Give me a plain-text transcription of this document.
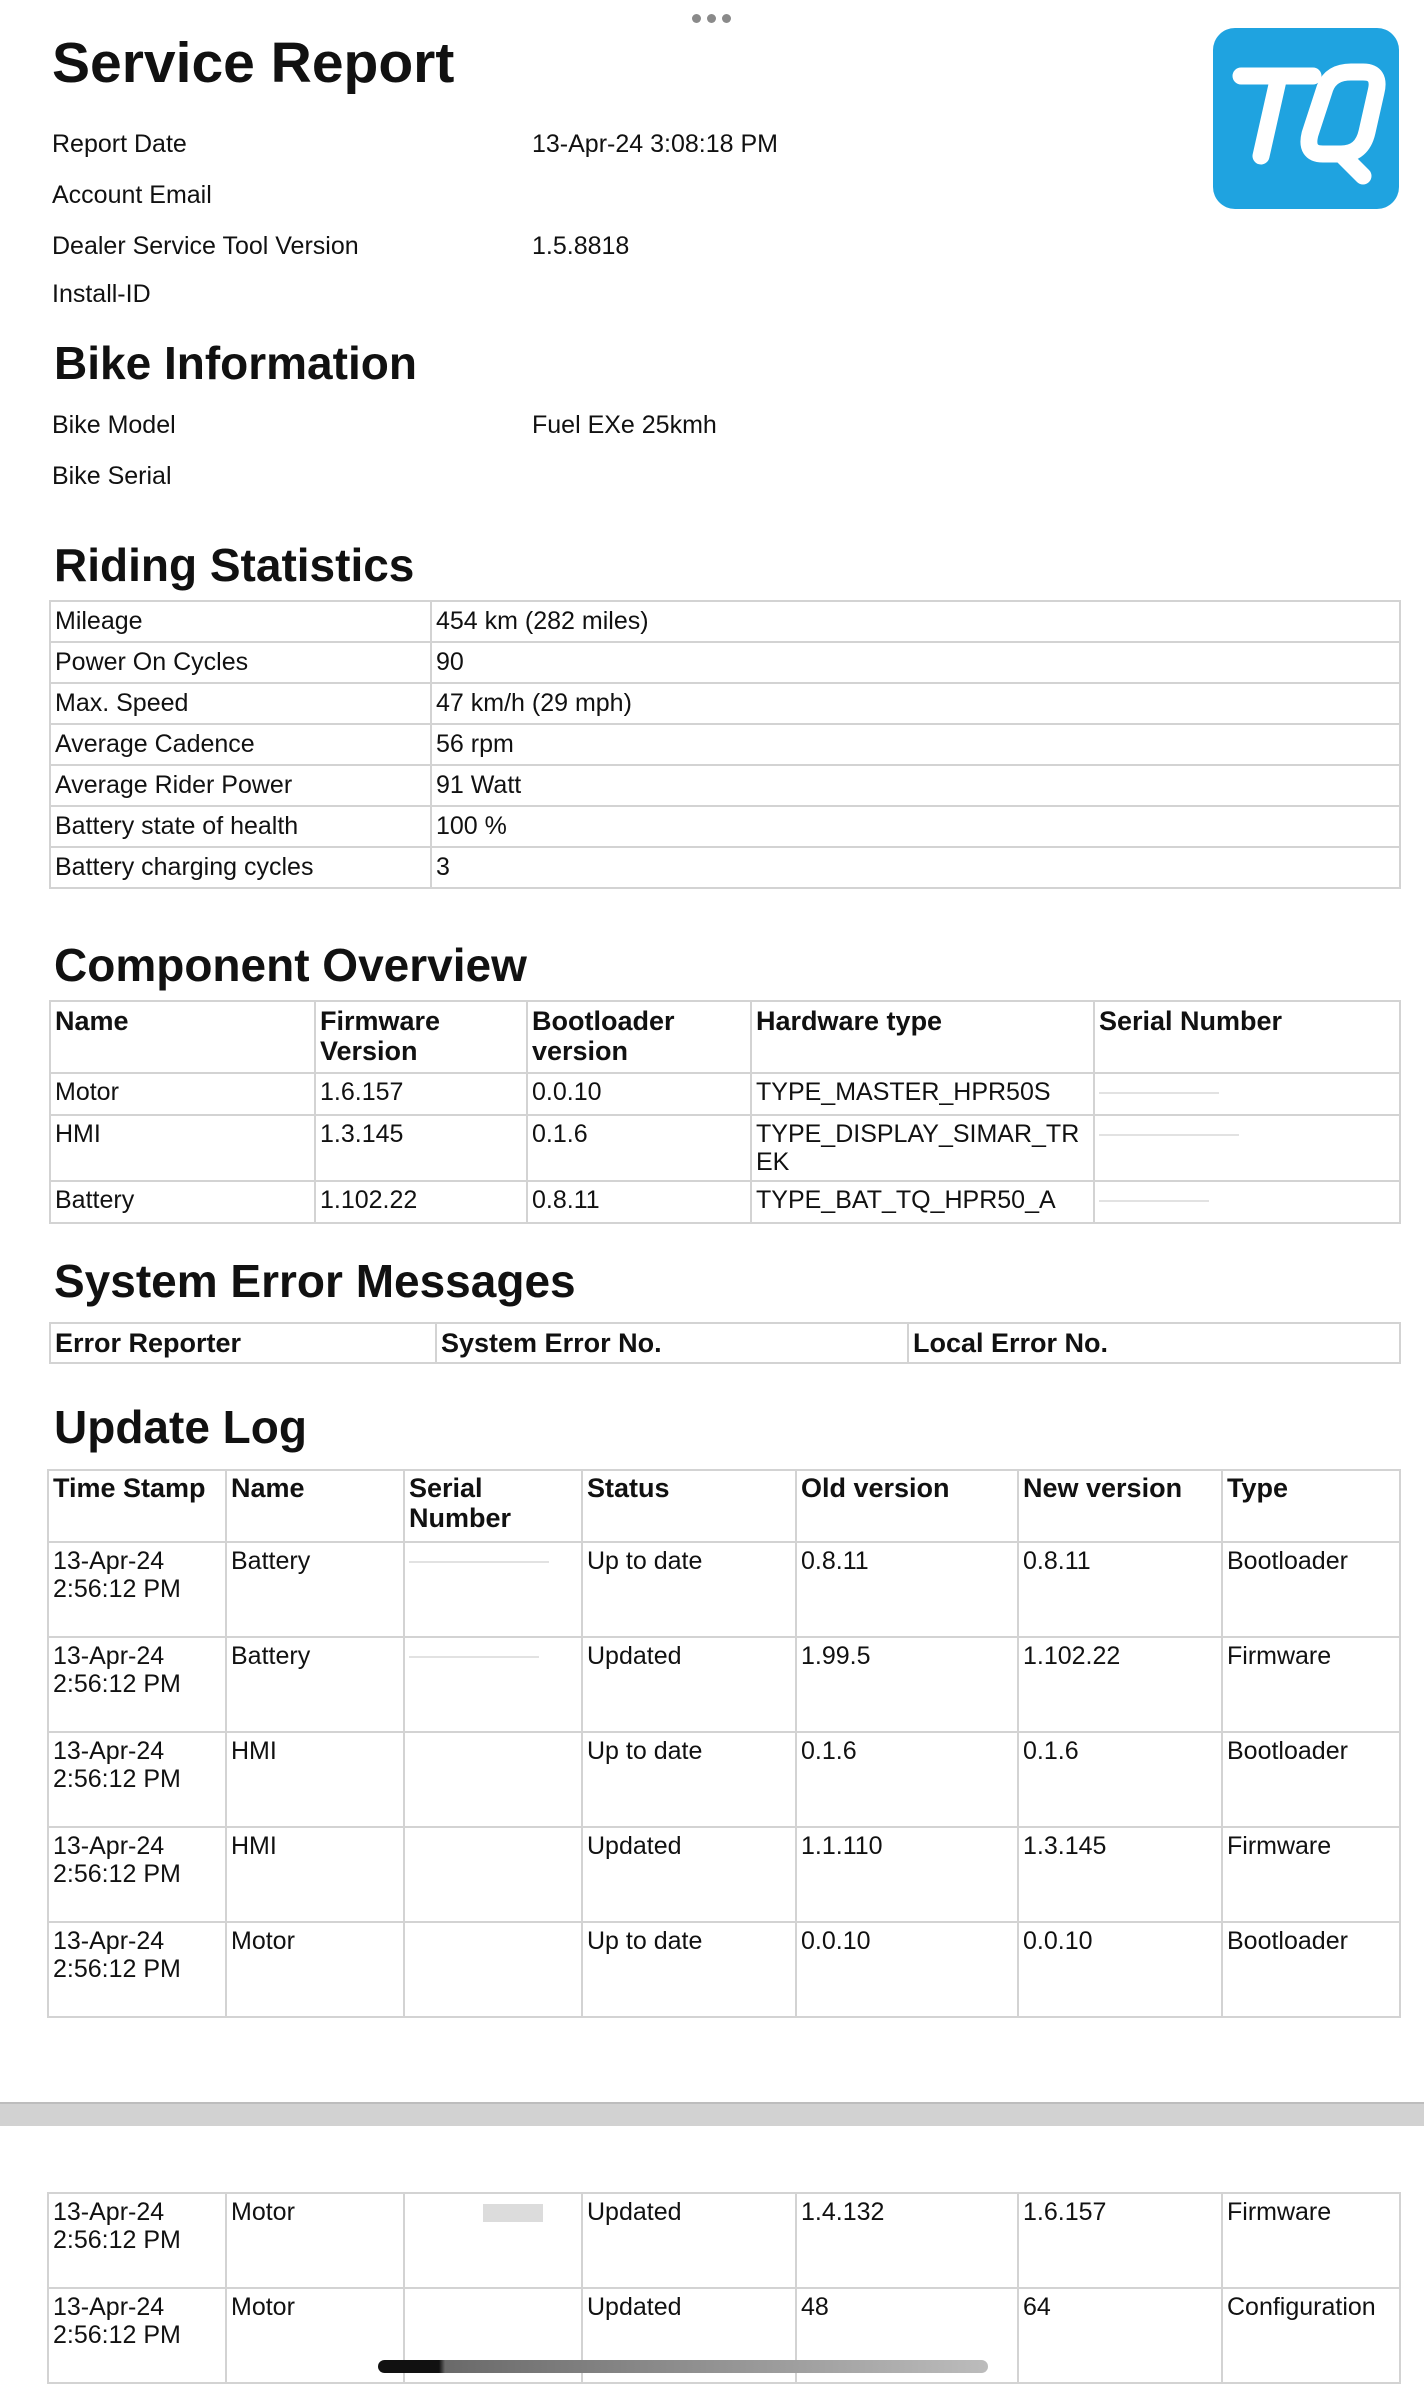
Service Report
Report Date	13-Apr-24 3:08:18 PM
Account Email
Dealer Service Tool Version	1.5.8818
Install-ID
Bike Information
Bike Model	Fuel EXe 25kmh
Bike Serial
Riding Statistics
Mileage	454 km (282 miles)
Power On Cycles	90
Max. Speed	47 km/h (29 mph)
Average Cadence	56 rpm
Average Rider Power	91 Watt
Battery state of health	100 %
Battery charging cycles	3
Component Overview
Name	Firmware Version	Bootloader version	Hardware type	Serial Number
Motor	1.6.157	0.0.10	TYPE_MASTER_HPR50S	
HMI	1.3.145	0.1.6	TYPE_DISPLAY_SIMAR_TREK	
Battery	1.102.22	0.8.11	TYPE_BAT_TQ_HPR50_A	
System Error Messages
Error Reporter	System Error No.	Local Error No.
Update Log
Time Stamp	Name	Serial Number	Status	Old version	New version	Type
13-Apr-24 2:56:12 PM	Battery		Up to date	0.8.11	0.8.11	Bootloader
13-Apr-24 2:56:12 PM	Battery		Updated	1.99.5	1.102.22	Firmware
13-Apr-24 2:56:12 PM	HMI		Up to date	0.1.6	0.1.6	Bootloader
13-Apr-24 2:56:12 PM	HMI		Updated	1.1.110	1.3.145	Firmware
13-Apr-24 2:56:12 PM	Motor		Up to date	0.0.10	0.0.10	Bootloader
13-Apr-24 2:56:12 PM	Motor		Updated	1.4.132	1.6.157	Firmware
13-Apr-24 2:56:12 PM	Motor		Updated	48	64	Configuration
